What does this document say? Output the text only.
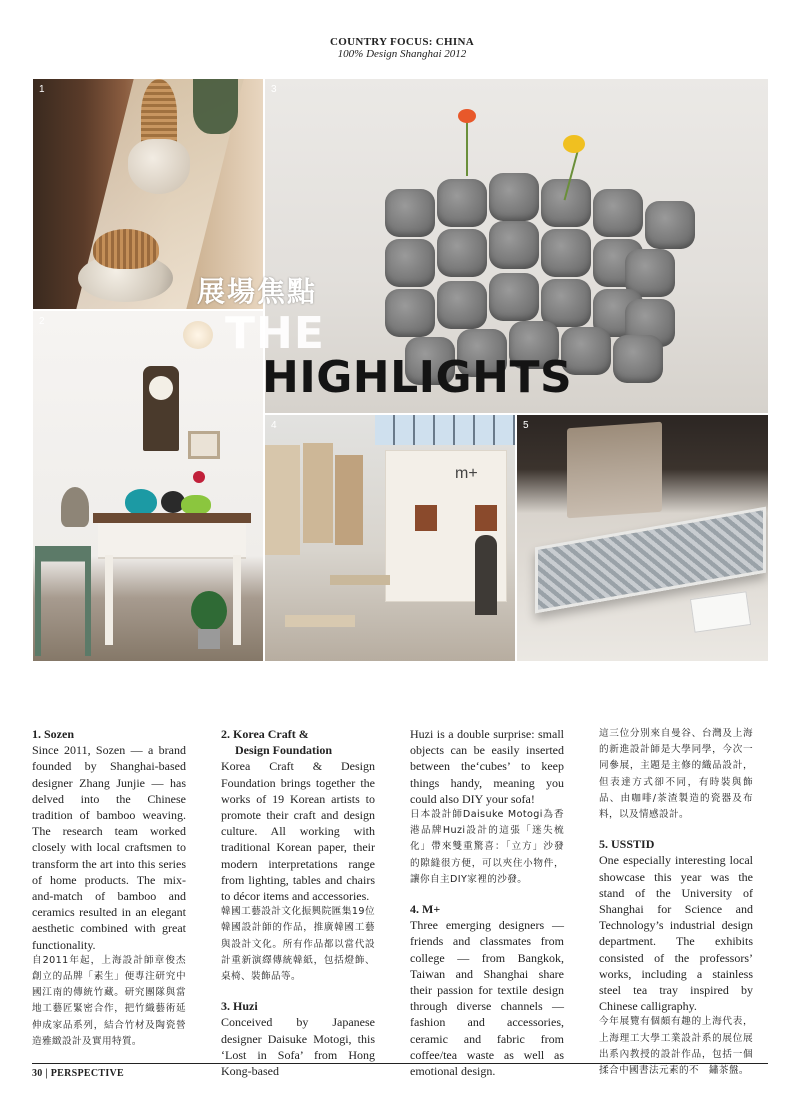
COUNTRY FOCUS: CHINA
100% Design Shanghai 2012
1	3
2
4
m+
5
展場焦點
THE
HIGHLIGHTS
1. Sozen

Since 2011, Sozen — a brand founded by Shanghai-based designer Zhang Junjie — has delved into the Chinese tradition of bamboo weaving. The research team worked closely with local craftsmen to transform the art into this series of home products. The mix-and-match of bamboo and ceramics resulted in an elegant aesthetic combined with great functionality.

自2011年起，上海設計師章俊杰創立的品牌「素生」便專注研究中國江南的傳統竹藏。研究團隊與當地工藝匠緊密合作，把竹織藝術延伸成家品系列，結合竹材及陶瓷營造雅緻設計及實用特質。

2. Korea Craft &
Design Foundation

Korea Craft & Design Foundation brings together the works of 19 Korean artists to promote their craft and design culture. All working with traditional Korean paper, their modern interpretations range from lighting, tables and chairs to décor items and accessories.

韓國工藝設計文化振興院匯集19位韓國設計師的作品，推廣韓國工藝與設計文化。所有作品都以當代設計重新演繹傳統韓紙，包括燈飾、桌椅、裝飾品等。

3. Huzi

Conceived by Japanese designer Daisuke Motogi, this ‘Lost in Sofa’ from Hong Kong-based

Huzi is a double surprise: small objects can be easily inserted between the‘cubes’ to keep things handy, meaning you could also DIY your sofa!

日本設計師Daisuke Motogi為香港品牌Huzi設計的這張「迷失梳化」帶來雙重驚喜：「立方」沙發的隙縫很方便，可以夾住小物件，讓你自主DIY家裡的沙發。

4. M+

Three emerging designers — friends and classmates from college — from Bangkok, Taiwan and Shanghai share their passion for textile design through diverse channels — fashion and accessories, ceramic and fabric from coffee/tea waste as well as emotional design.

這三位分別來自曼谷、台灣及上海的新進設計師是大學同學，今次一同參展，主題是主修的織品設計，但表達方式卻不同，有時裝與飾品、由咖啡/茶渣製造的瓷器及布料，以及情感設計。

5. USSTID

One especially interesting local showcase this year was the stand of the University of Shanghai for Science and Technology’s industrial design department. The exhibits consisted of the professors’ works, including a stainless steel tea tray inspired by Chinese calligraphy.

今年展覽有個頗有趣的上海代表，上海理工大學工業設計系的展位展出系內教授的設計作品，包括一個揉合中國書法元素的不　鏽茶盤。

30 | PERSPECTIVE
